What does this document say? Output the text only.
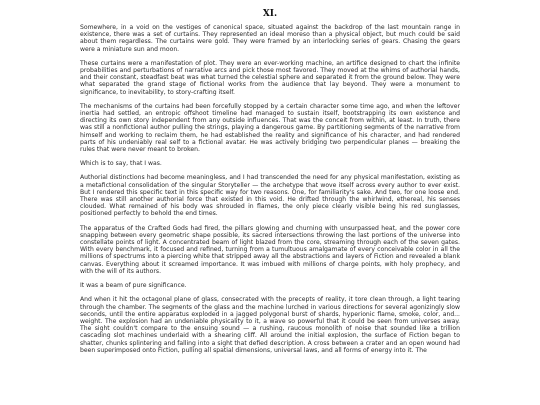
XI.

Somewhere, in a void on the vestiges of canonical space, situated against the backdrop of the last mountain range in existence, there was a set of curtains. They represented an ideal moreso than a physical object, but much could be said about them regardless. The curtains were gold. They were framed by an interlocking series of gears. Chasing the gears were a miniature sun and moon.

These curtains were a manifestation of plot. They were an ever-working machine, an artifice designed to chart the infinite probabilities and perturbations of narrative arcs and pick those most favored. They moved at the whims of authorial hands, and their constant, steadfast beat was what turned the celestial sphere and separated it from the ground below. They were what separated the grand stage of fictional works from the audience that lay beyond. They were a monument to significance, to inevitability, to story-crafting itself.

The mechanisms of the curtains had been forcefully stopped by a certain character some time ago, and when the leftover inertia had settled, an entropic offshoot timeline had managed to sustain itself, bootstrapping its own existence and directing its own story independent from any outside influences. That was the conceit from within, at least. In truth, there was still a nonfictional author pulling the strings, playing a dangerous game. By partitioning segments of the narrative from himself and working to reclaim them, he had established the reality and significance of his character, and had rendered parts of his undeniably real self to a fictional avatar. He was actively bridging two perpendicular planes — breaking the rules that were never meant to broken.

Which is to say, that I was.

Authorial distinctions had become meaningless, and I had transcended the need for any physical manifestation, existing as a metafictional consolidation of the singular Storyteller — the archetype that wove itself across every author to ever exist. But I rendered this specific text in this specific way for two reasons. One, for familiarity's sake. And two, for one loose end. There was still another authorial force that existed in this void. He drifted through the whirlwind, ethereal, his senses clouded. What remained of his body was shrouded in flames, the only piece clearly visible being his red sunglasses, positioned perfectly to behold the end times.

The apparatus of the Crafted Gods had fired, the pillars glowing and churning with unsurpassed heat, and the power core snapping between every geometric shape possible, its sacred intersections throwing the last portions of the universe into constellate points of light. A concentrated beam of light blazed from the core, streaming through each of the seven gates. With every benchmark, it focused and refined, turning from a tumultuous amalgamate of every conceivable color in all the millions of spectrums into a piercing white that stripped away all the abstractions and layers of Fiction and revealed a blank canvas. Everything about it screamed importance. It was imbued with millions of charge points, with holy prophecy, and with the will of its authors.

It was a beam of pure significance.

And when it hit the octagonal plane of glass, consecrated with the precepts of reality, it tore clean through, a light tearing through the chamber. The segments of the glass and the machine lurched in various directions for several agonizingly slow seconds, until the entire apparatus exploded in a jagged polygonal burst of shards, hyperionic flame, smoke, color, and... weight. The explosion had an undeniable physicality to it, a wave so powerful that it could be seen from universes away. The sight couldn't compare to the ensuing sound — a rushing, raucous monolith of noise that sounded like a trillion cascading slot machines underlaid with a shearing cliff. All around the initial explosion, the surface of Fiction began to shatter, chunks splintering and falling into a sight that defied description. A cross between a crater and an open wound had been superimposed onto Fiction, pulling all spatial dimensions, universal laws, and all forms of energy into it. The
